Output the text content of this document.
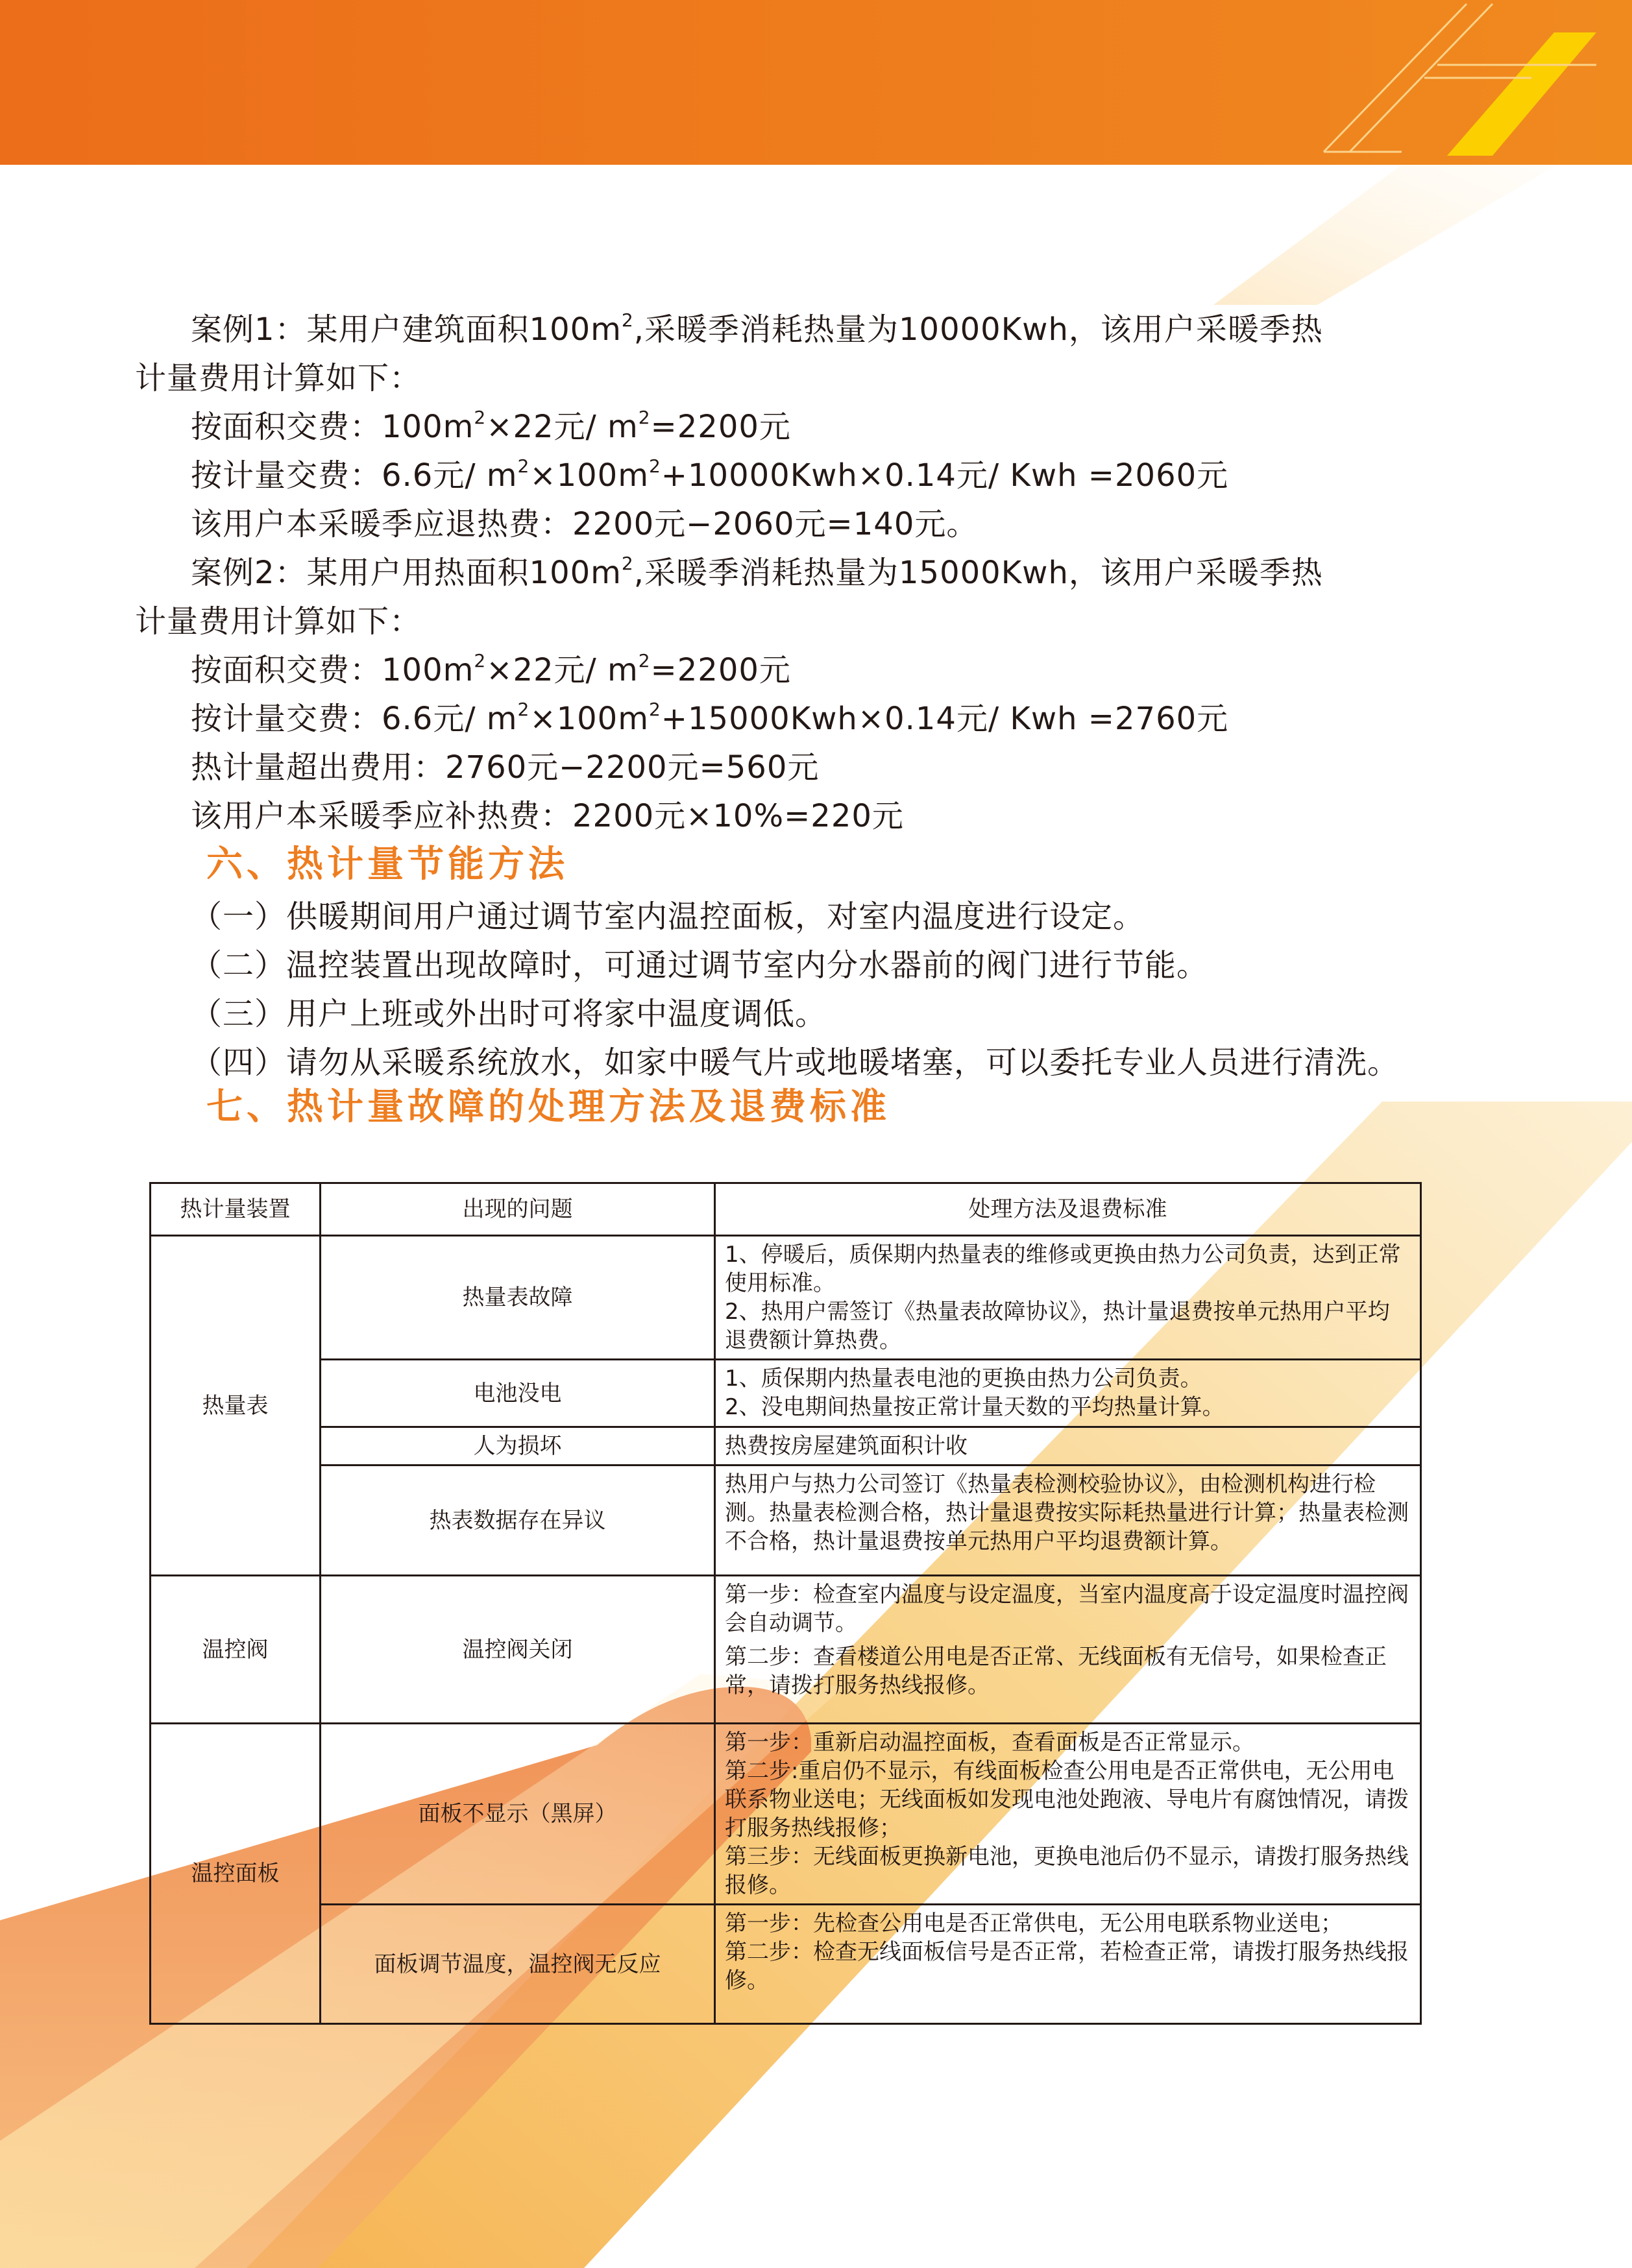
案例1：某用户建筑面积$100m^2$,采暖季消耗热量为10000Kwh，该用户采暖季热
计量费用计算如下：
按面积交费：$100m^2\times 22$元/ $m^2=2200$元
按计量交费：6.6元/ $m^2\times 100m^2+10000Kwh\times 0.14$元/ Kwh =2060元
该用户本采暖季应退热费：2200元−2060元=140元。
案例2：某用户用热面积$100m^2$,采暖季消耗热量为15000Kwh，该用户采暖季热
计量费用计算如下：
按面积交费：$100m^2\times 22$元/ $m^2=2200$元
按计量交费：6.6元/ $m^2\times 100m^2+15000Kwh\times 0.14$元/ Kwh =2760元
热计量超出费用：2760元−2200元=560元
该用户本采暖季应补热费：2200元×10%=220元
六、热计量节能方法
（一）供暖期间用户通过调节室内温控面板，对室内温度进行设定。
（二）温控装置出现故障时，可通过调节室内分水器前的阀门进行节能。
（三）用户上班或外出时可将家中温度调低。
（四）请勿从采暖系统放水，如家中暖气片或地暖堵塞，可以委托专业人员进行清洗。
七、热计量故障的处理方法及退费标准
热计量装置	出现的问题	处理方法及退费标准
热量表	热量表故障	1、停暖后，质保期内热量表的维修或更换由热力公司负责，达到正常使用标准。
2、热用户需签订《热量表故障协议》，热计量退费按单元热用户平均退费额计算热费。

	电池没电	1、质保期内热量表电池的更换由热力公司负责。
2、没电期间热量按正常计量天数的平均热量计算。

	人为损坏	热费按房屋建筑面积计收

	热表数据存在异议	热用户与热力公司签订《热量表检测校验协议》，由检测机构进行检测。热量表检测合格，热计量退费按实际耗热量进行计算；热量表检测不合格，热计量退费按单元热用户平均退费额计算。

温控阀	温控阀关闭	第一步：检查室内温度与设定温度，当室内温度高于设定温度时温控阀会自动调节。
第二步：查看楼道公用电是否正常、无线面板有无信号，如果检查正常，请拨打服务热线报修。

温控面板	面板不显示（黑屏）	第一步：重新启动温控面板，查看面板是否正常显示。
第二步:重启仍不显示，有线面板检查公用电是否正常供电，无公用电联系物业送电；无线面板如发现电池处跑液、导电片有腐蚀情况，请拨打服务热线报修；
第三步：无线面板更换新电池，更换电池后仍不显示，请拨打服务热线报修。

	面板调节温度，温控阀无反应	第一步：先检查公用电是否正常供电，无公用电联系物业送电；
第二步：检查无线面板信号是否正常，若检查正常，请拨打服务热线报修。
